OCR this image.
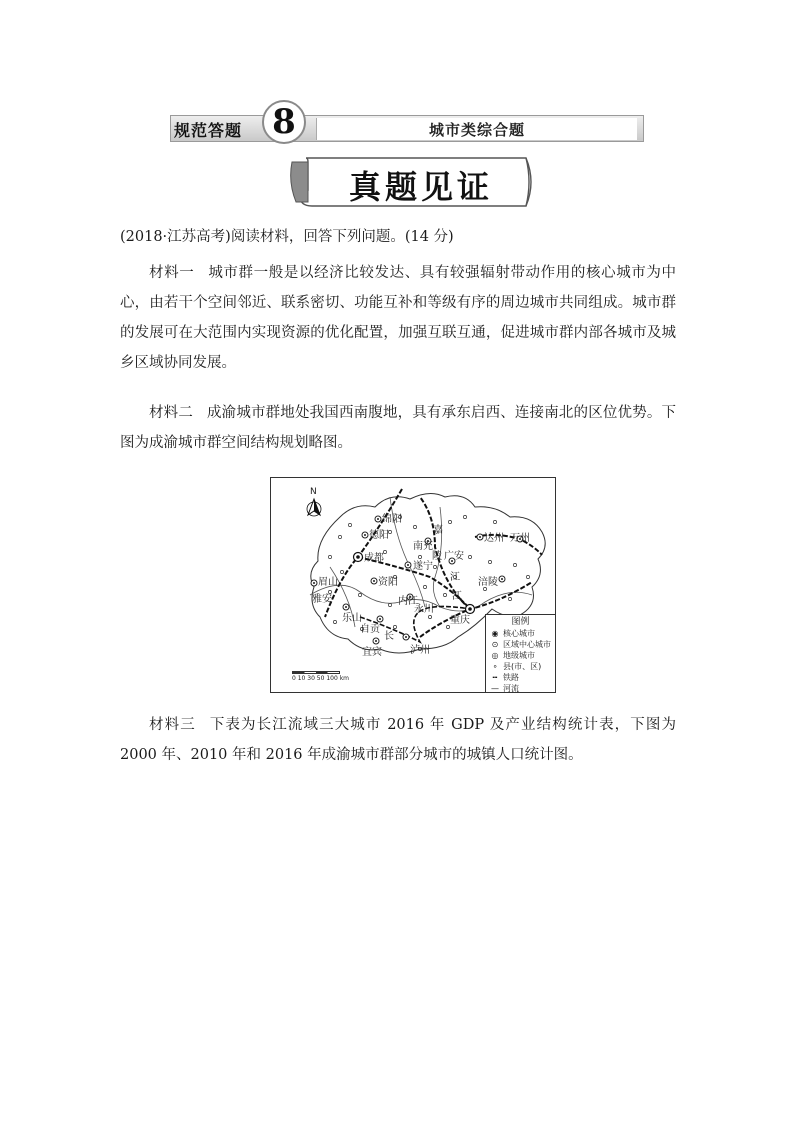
规范答题 8	城市类综合题
真题见证
(2018·江苏高考)阅读材料，回答下列问题。(14 分)
材料一 城市群一般是以经济比较发达、具有较强辐射带动作用的核心城市为中心，由若干个空间邻近、联系密切、功能互补和等级有序的周边城市共同组成。城市群的发展可在大范围内实现资源的优化配置，加强互联互通，促进城市群内部各城市及城乡区域协同发展。
材料二 成渝城市群地处我国西南腹地，具有承东启西、连接南北的区位优势。下图为成渝城市群空间结构规划略图。
N
绵阳
德阳	嘉
南充
达州 万州
成都	陵 广安
遂宁
江
眉山	资阳	涪陵
雅安	内江	江
乐山
永川
重庆
自贡
长
泸州
宜宾
0 10 30 50 100 km
图例
◉ 核心城市
⊙ 区域中心城市
◎ 地级城市
∘ 县(市、区)
╍ 铁路
— 河流
材料三 下表为长江流域三大城市 2016 年 GDP 及产业结构统计表，下图为 2000 年、2010 年和 2016 年成渝城市群部分城市的城镇人口统计图。
